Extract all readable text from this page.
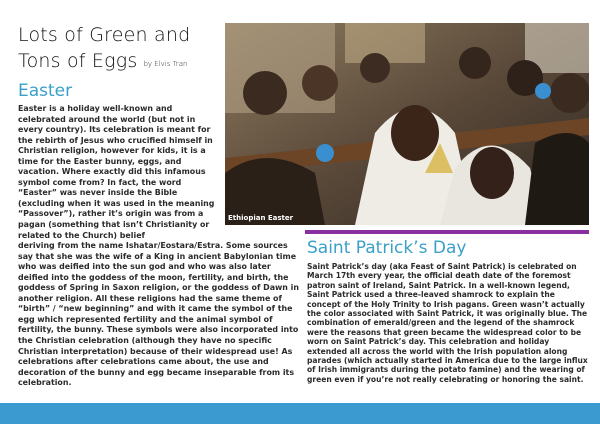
Lots of Green and
Tons of Eggs by Elvis Tran
Easter

Easter is a holiday well-known and celebrated around the world (but not in every country). Its celebration is meant for the rebirth of Jesus who crucified himself in Christian religion, however for kids, it is a time for the Easter bunny, eggs, and vacation. Where exactly did this infamous symbol come from? In fact, the word “Easter” was never inside the Bible (excluding when it was used in the meaning “Passover”), rather it’s origin was from a pagan (something that isn’t Christianity or related to the Church) belief
deriving from the name Ishatar/Eostara/Estra. Some sources say that she was the wife of a King in ancient Babylonian time who was deified into the sun god and who was also later deified into the goddess of the moon, fertility, and birth, the goddess of Spring in Saxon religion, or the goddess of Dawn in another religion. All these religions had the same theme of “birth” / “new beginning” and with it came the symbol of the egg which represented fertility and the animal symbol of fertility, the bunny. These symbols were also incorporated into the Christian celebration (although they have no specific Christian interpretation) because of their widespread use! As celebrations after celebrations came about, the use and decoration of the bunny and egg became inseparable from its celebration.

Ethiopian Easter
Saint Patrick’s Day

Saint Patrick’s day (aka Feast of Saint Patrick) is celebrated on March 17th every year, the official death date of the foremost patron saint of Ireland, Saint Patrick. In a well-known legend, Saint Patrick used a three-leaved shamrock to explain the concept of the Holy Trinity to Irish pagans. Green wasn’t actually the color associated with Saint Patrick, it was originally blue. The combination of emerald/green and the legend of the shamrock were the reasons that green became the widespread color to be worn on Saint Patrick’s day. This celebration and holiday extended all across the world with the Irish population along parades (which actually started in America due to the large influx of Irish immigrants during the potato famine) and the wearing of green even if you’re not really celebrating or honoring the saint.
